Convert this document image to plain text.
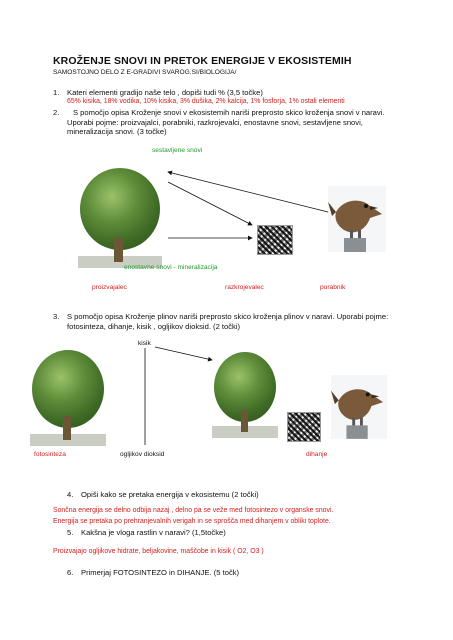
KROŽENJE SNOVI IN PRETOK ENERGIJE V EKOSISTEMIH
SAMOSTOJNO DELO Z E-GRADIVI SVAROG.SI/BIOLOGIJA/
1. Kateri elementi gradijo naše telo , dopiši tudi % (3,5 točke)
65% kisika, 18% vodika, 10% kisika, 3% dušika, 2% kalcija, 1% fosforja, 1% ostali elementi
2. S pomočjo opisa Kroženje snovi v ekosistemih nariši preprosto skico kroženja snovi v naravi.
Uporabi pojme: proizvajalci, porabniki, razkrojevalci, enostavne snovi, sestavljene snovi,
mineralizacija snovi. (3 točke)
sestavljene snovi
enostavne snovi - mineralizacija
proizvajalec	razkrojevalec	porabnik
3. S pomočjo opisa Kroženje plinov nariši preprosto skico kroženja plinov v naravi. Uporabi pojme:
fotosinteza, dihanje, kisik , ogljikov dioksid. (2 točki)
kisik
fotosinteza	ogljikov dioksid	dihanje
4. Opiši kako se pretaka energija v ekosistemu (2 točki)
Sončna energija se delno odbija nazaj , delno pa se veže med fotosintezo v organske snovi.
Energija se pretaka po prehranjevalnih verigah in se sprošča med dihanjem v obliki toplote.
5. Kakšna je vloga rastlin v naravi? (1,5točke)
Proizvajajo ogljikove hidrate, beljakovine, maščobe in kisik ( O2, O3 )
6. Primerjaj FOTOSINTEZO in DIHANJE. (5 točk)
